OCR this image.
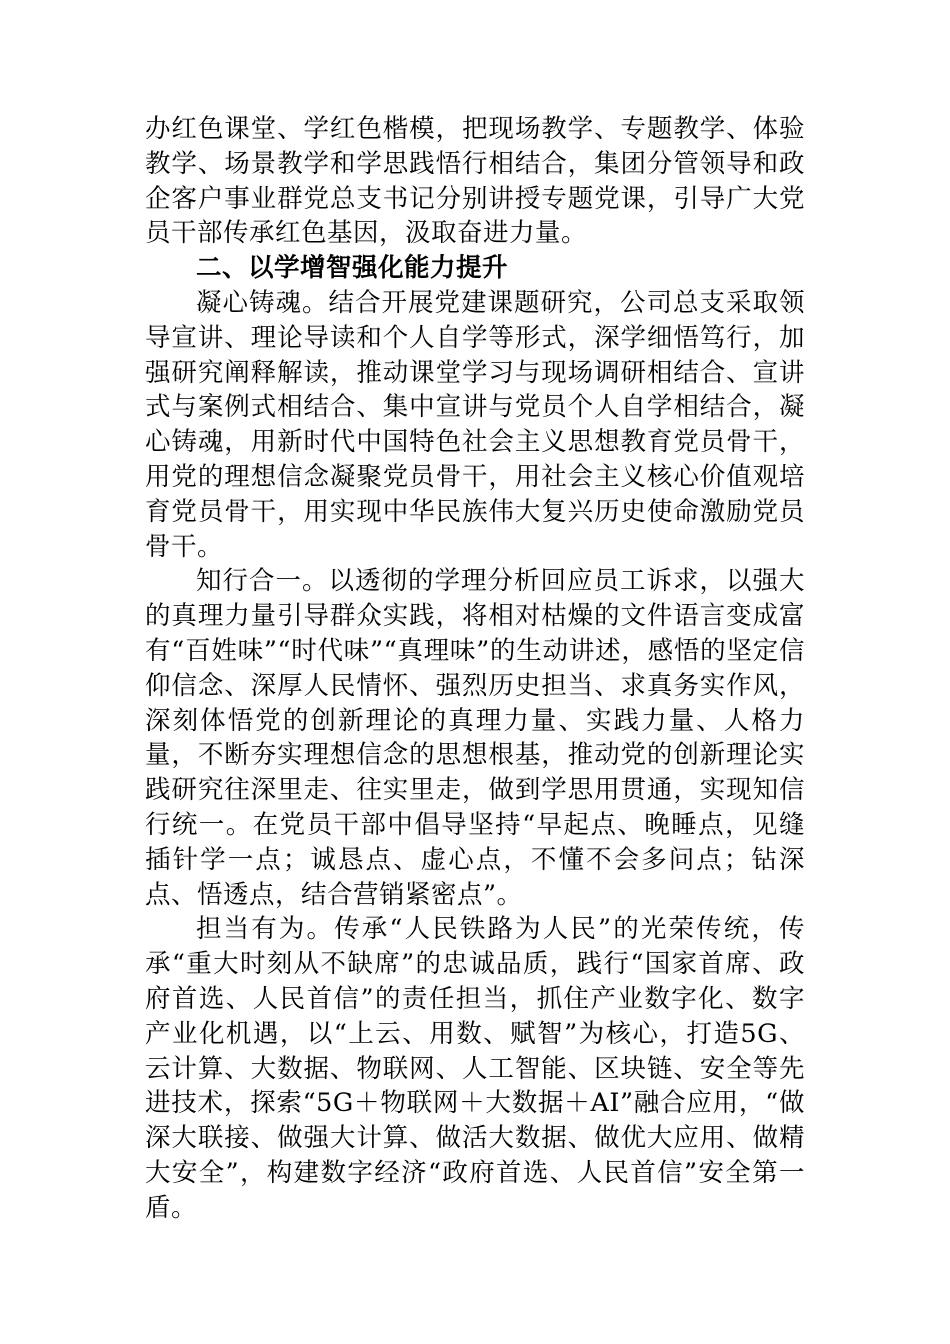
办红色课堂、学红色楷模，把现场教学、专题教学、体验教学、场景教学和学思践悟行相结合，集团分管领导和政企客户事业群党总支书记分别讲授专题党课，引导广大党员干部传承红色基因，汲取奋进力量。

二、以学增智强化能力提升

凝心铸魂。结合开展党建课题研究，公司总支采取领导宣讲、理论导读和个人自学等形式，深学细悟笃行，加强研究阐释解读，推动课堂学习与现场调研相结合、宣讲式与案例式相结合、集中宣讲与党员个人自学相结合，凝心铸魂，用新时代中国特色社会主义思想教育党员骨干，用党的理想信念凝聚党员骨干，用社会主义核心价值观培育党员骨干，用实现中华民族伟大复兴历史使命激励党员骨干。

知行合一。以透彻的学理分析回应员工诉求，以强大的真理力量引导群众实践，将相对枯燥的文件语言变成富有“百姓味”“时代味”“真理味”的生动讲述，感悟的坚定信仰信念、深厚人民情怀、强烈历史担当、求真务实作风，深刻体悟党的创新理论的真理力量、实践力量、人格力量，不断夯实理想信念的思想根基，推动党的创新理论实践研究往深里走、往实里走，做到学思用贯通，实现知信行统一。在党员干部中倡导坚持“早起点、晚睡点，见缝插针学一点；诚恳点、虚心点，不懂不会多问点；钻深点、悟透点，结合营销紧密点”。

担当有为。传承“人民铁路为人民”的光荣传统，传承“重大时刻从不缺席”的忠诚品质，践行“国家首席、政府首选、人民首信”的责任担当，抓住产业数字化、数字产业化机遇，以“上云、用数、赋智”为核心，打造5G、云计算、大数据、物联网、人工智能、区块链、安全等先进技术，探索“5G＋物联网＋大数据＋AI”融合应用，“做深大联接、做强大计算、做活大数据、做优大应用、做精大安全”，构建数字经济“政府首选、人民首信”安全第一盾。
